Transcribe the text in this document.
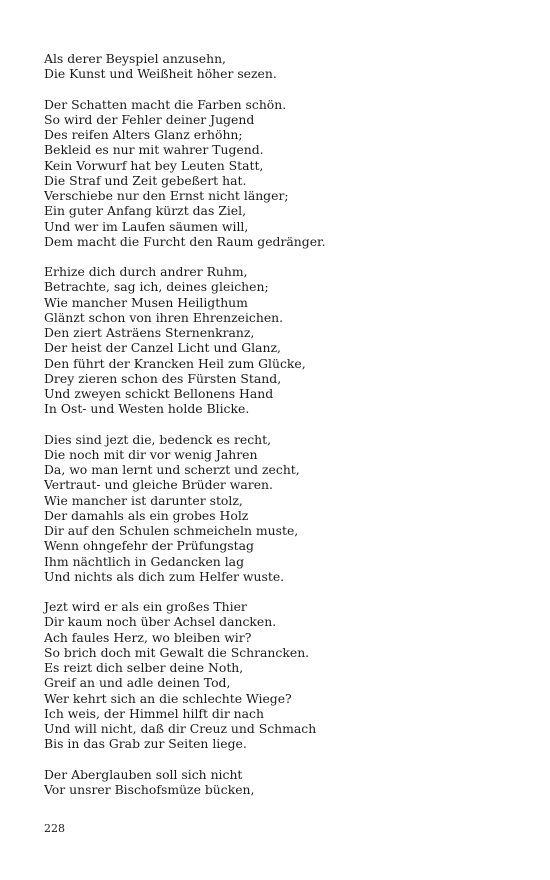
Als derer Beyspiel anzusehn,
Die Kunst und Weißheit höher sezen.
Der Schatten macht die Farben schön.
So wird der Fehler deiner Jugend
Des reifen Alters Glanz erhöhn;
Bekleid es nur mit wahrer Tugend.
Kein Vorwurf hat bey Leuten Statt,
Die Straf und Zeit gebeßert hat.
Verschiebe nur den Ernst nicht länger;
Ein guter Anfang kürzt das Ziel,
Und wer im Laufen säumen will,
Dem macht die Furcht den Raum gedränger.
Erhize dich durch andrer Ruhm,
Betrachte, sag ich, deines gleichen;
Wie mancher Musen Heiligthum
Glänzt schon von ihren Ehrenzeichen.
Den ziert Asträens Sternenkranz,
Der heist der Canzel Licht und Glanz,
Den führt der Krancken Heil zum Glücke,
Drey zieren schon des Fürsten Stand,
Und zweyen schickt Bellonens Hand
In Ost- und Westen holde Blicke.
Dies sind jezt die, bedenck es recht,
Die noch mit dir vor wenig Jahren
Da, wo man lernt und scherzt und zecht,
Vertraut- und gleiche Brüder waren.
Wie mancher ist darunter stolz,
Der damahls als ein grobes Holz
Dir auf den Schulen schmeicheln muste,
Wenn ohngefehr der Prüfungstag
Ihm nächtlich in Gedancken lag
Und nichts als dich zum Helfer wuste.
Jezt wird er als ein großes Thier
Dir kaum noch über Achsel dancken.
Ach faules Herz, wo bleiben wir?
So brich doch mit Gewalt die Schrancken.
Es reizt dich selber deine Noth,
Greif an und adle deinen Tod,
Wer kehrt sich an die schlechte Wiege?
Ich weis, der Himmel hilft dir nach
Und will nicht, daß dir Creuz und Schmach
Bis in das Grab zur Seiten liege.
Der Aberglauben soll sich nicht
Vor unsrer Bischofsmüze bücken,
228
